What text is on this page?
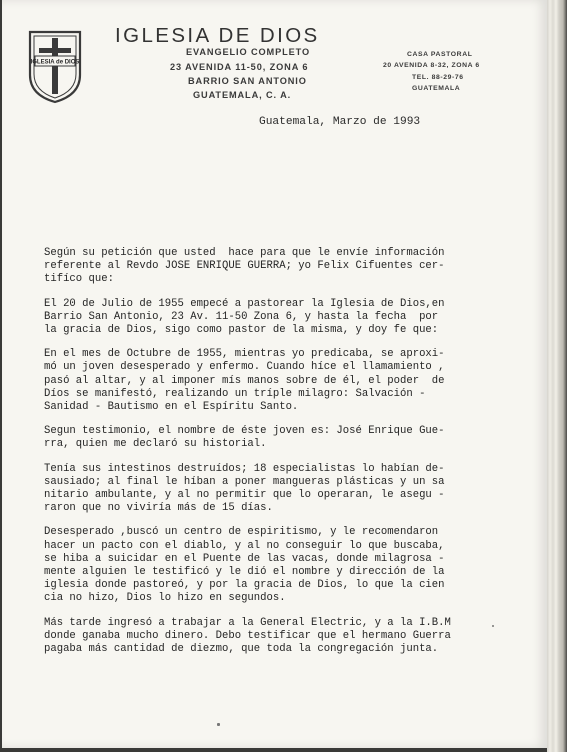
IGLESIA de DIOS
IGLESIA DE DIOS
EVANGELIO COMPLETO
23 AVENIDA 11-50, ZONA 6
BARRIO SAN ANTONIO
GUATEMALA, C. A.
CASA PASTORAL
20 AVENIDA 8-32, ZONA 6
TEL. 88-29-76
GUATEMALA
Guatemala, Marzo de 1993
Según su petición que usted  hace para que le envíe información
referente al Revdo JOSE ENRIQUE GUERRA; yo Felix Cifuentes cer-
tifíco que:
El 20 de Julio de 1955 empecé a pastorear la Iglesia de Dios,en
Barrio San Antonio, 23 Av. 11-50 Zona 6, y hasta la fecha  por
la gracia de Dios, sigo como pastor de la misma, y doy fe que:
En el mes de Octubre de 1955, mientras yo predicaba, se aproxi-
mó un joven desesperado y enfermo. Cuando híce el llamamiento ,
pasó al altar, y al imponer mís manos sobre de él, el poder  de
Díos se manifestó, realizando un tríple milagro: Salvación -
Sanidad - Bautismo en el Espíritu Santo.
Segun testimonio, el nombre de éste joven es: José Enrique Gue-
rra, quien me declaró su historial.
Tenía sus intestinos destruídos; 18 especialistas lo habían de-
sausiado; al final le híban a poner mangueras plásticas y un sa
nitario ambulante, y al no permitir que lo operaran, le asegu -
raron que no viviría más de 15 días.
Desesperado ,buscó un centro de espiritismo, y le recomendaron
hacer un pacto con el diablo, y al no conseguir lo que buscaba,
se hiba a suicidar en el Puente de las vacas, donde milagrosa -
mente alguien le testificó y le dió el nombre y dirección de la
iglesia donde pastoreó, y por la gracia de Dios, lo que la cien
cia no hizo, Dios lo hizo en segundos.
Más tarde ingresó a trabajar a la General Electric, y a la I.B.M
donde ganaba mucho dinero. Debo testificar que el hermano Guerra
pagaba más cantidad de diezmo, que toda la congregación junta.
